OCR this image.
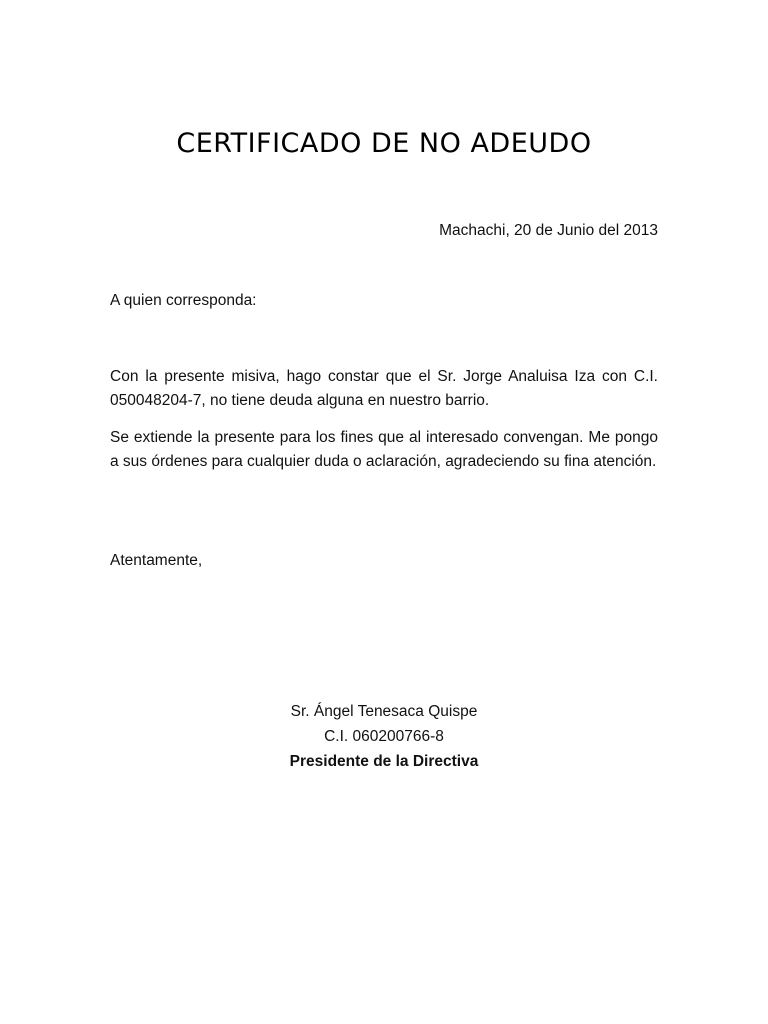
CERTIFICADO DE NO ADEUDO
Machachi, 20 de Junio del 2013
A quien corresponda:

Con la presente misiva, hago constar que el Sr. Jorge Analuisa Iza con C.I. 050048204-7, no tiene deuda alguna en nuestro barrio.

Se extiende la presente para los fines que al interesado convengan. Me pongo a sus órdenes para cualquier duda o aclaración, agradeciendo su fina atención.

Atentamente,
Sr. Ángel Tenesaca Quispe
C.I. 060200766-8
Presidente de la Directiva
